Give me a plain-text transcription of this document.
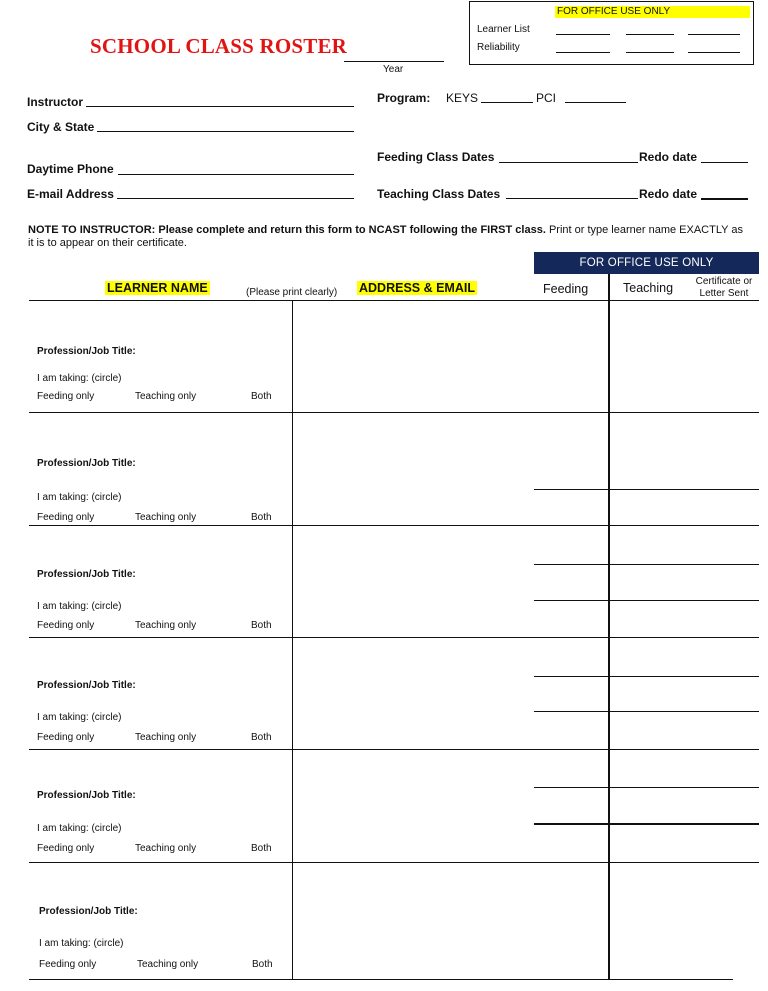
SCHOOL CLASS ROSTER
Year
FOR OFFICE USE ONLY
Learner List
Reliability
Instructor
City & State
Daytime Phone
E-mail Address
Program: KEYS	PCI
Feeding Class Dates	Redo date
Teaching Class Dates	Redo date
NOTE TO INSTRUCTOR: Please complete and return this form to NCAST following the FIRST class. Print or type learner name EXACTLY as it is to appear on their certificate.
FOR OFFICE USE ONLY
LEARNER NAME	(Please print clearly) ADDRESS & EMAIL	Feeding	Teaching	Certificate or Letter Sent
Profession/Job Title:
I am taking: (circle)
Feeding only	Teaching only	Both
Profession/Job Title:
I am taking: (circle)
Feeding only	Teaching only	Both
Profession/Job Title:
I am taking: (circle)
Feeding only	Teaching only	Both
Profession/Job Title:
I am taking: (circle)
Feeding only	Teaching only	Both
Profession/Job Title:
I am taking: (circle)
Feeding only	Teaching only	Both
Profession/Job Title:
I am taking: (circle)
Feeding only	Teaching only	Both
